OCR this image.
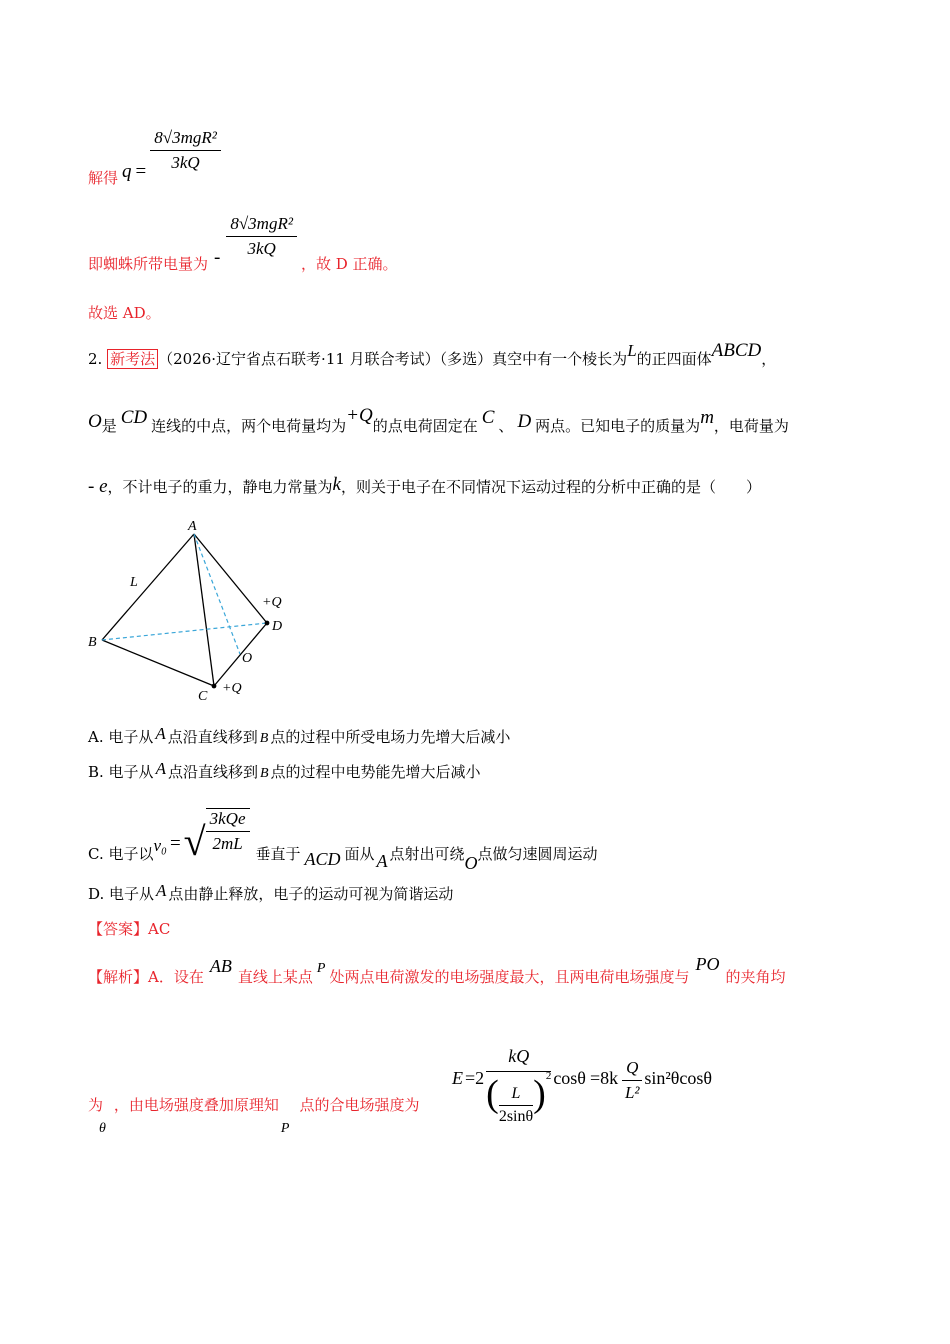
解得 $q = \frac{\text{8√3mgR²}}{3kQ}$
即蜘蛛所带电量为 - $\frac{\text{8√3mgR²}}{3kQ}$
，故 D 正确。
故选 AD。
2. 新考法 （2026·辽宁省点石联考·11 月联合考试）（多选）真空中有一个棱长为L的正四面体ABCD，
O是 CD 连线的中点，两个电荷量均为+Q的点电荷固定在 C 、 D 两点。已知电子的质量为m，电荷量为
- e，不计电子的重力，静电力常量为k，则关于电子在不同情况下运动过程的分析中正确的是（　　）
A
B
C
D
O
L
+Q
+Q
A. 电子从 A 点沿直线移到 B 点的过程中所受电场力先增大后减小
B. 电子从 A 点沿直线移到 B 点的过程中电势能先增大后减小
C. 电子以v₀ =√ $\frac{\text{3kQe}}{2mL}$ 垂直于 ACD 面从 A 点射出可绕O点做匀速圆周运动
D. 电子从 A 点由静止释放，电子的运动可视为简谐运动
【答案】AC
【解析】A．设在AB直线上某点 P 处两点电荷激发的电场强度最大，且两电荷电场强度与PO的夹角均
为θ，由电场强度叠加原理知P点的合电场强度为
$E =2 \frac{kQ}{( \frac{L}{2\sin\theta} )^2}$ $\cos\theta =8k \frac{Q}{\text{L²}} \sin^2\theta\cos\theta$
